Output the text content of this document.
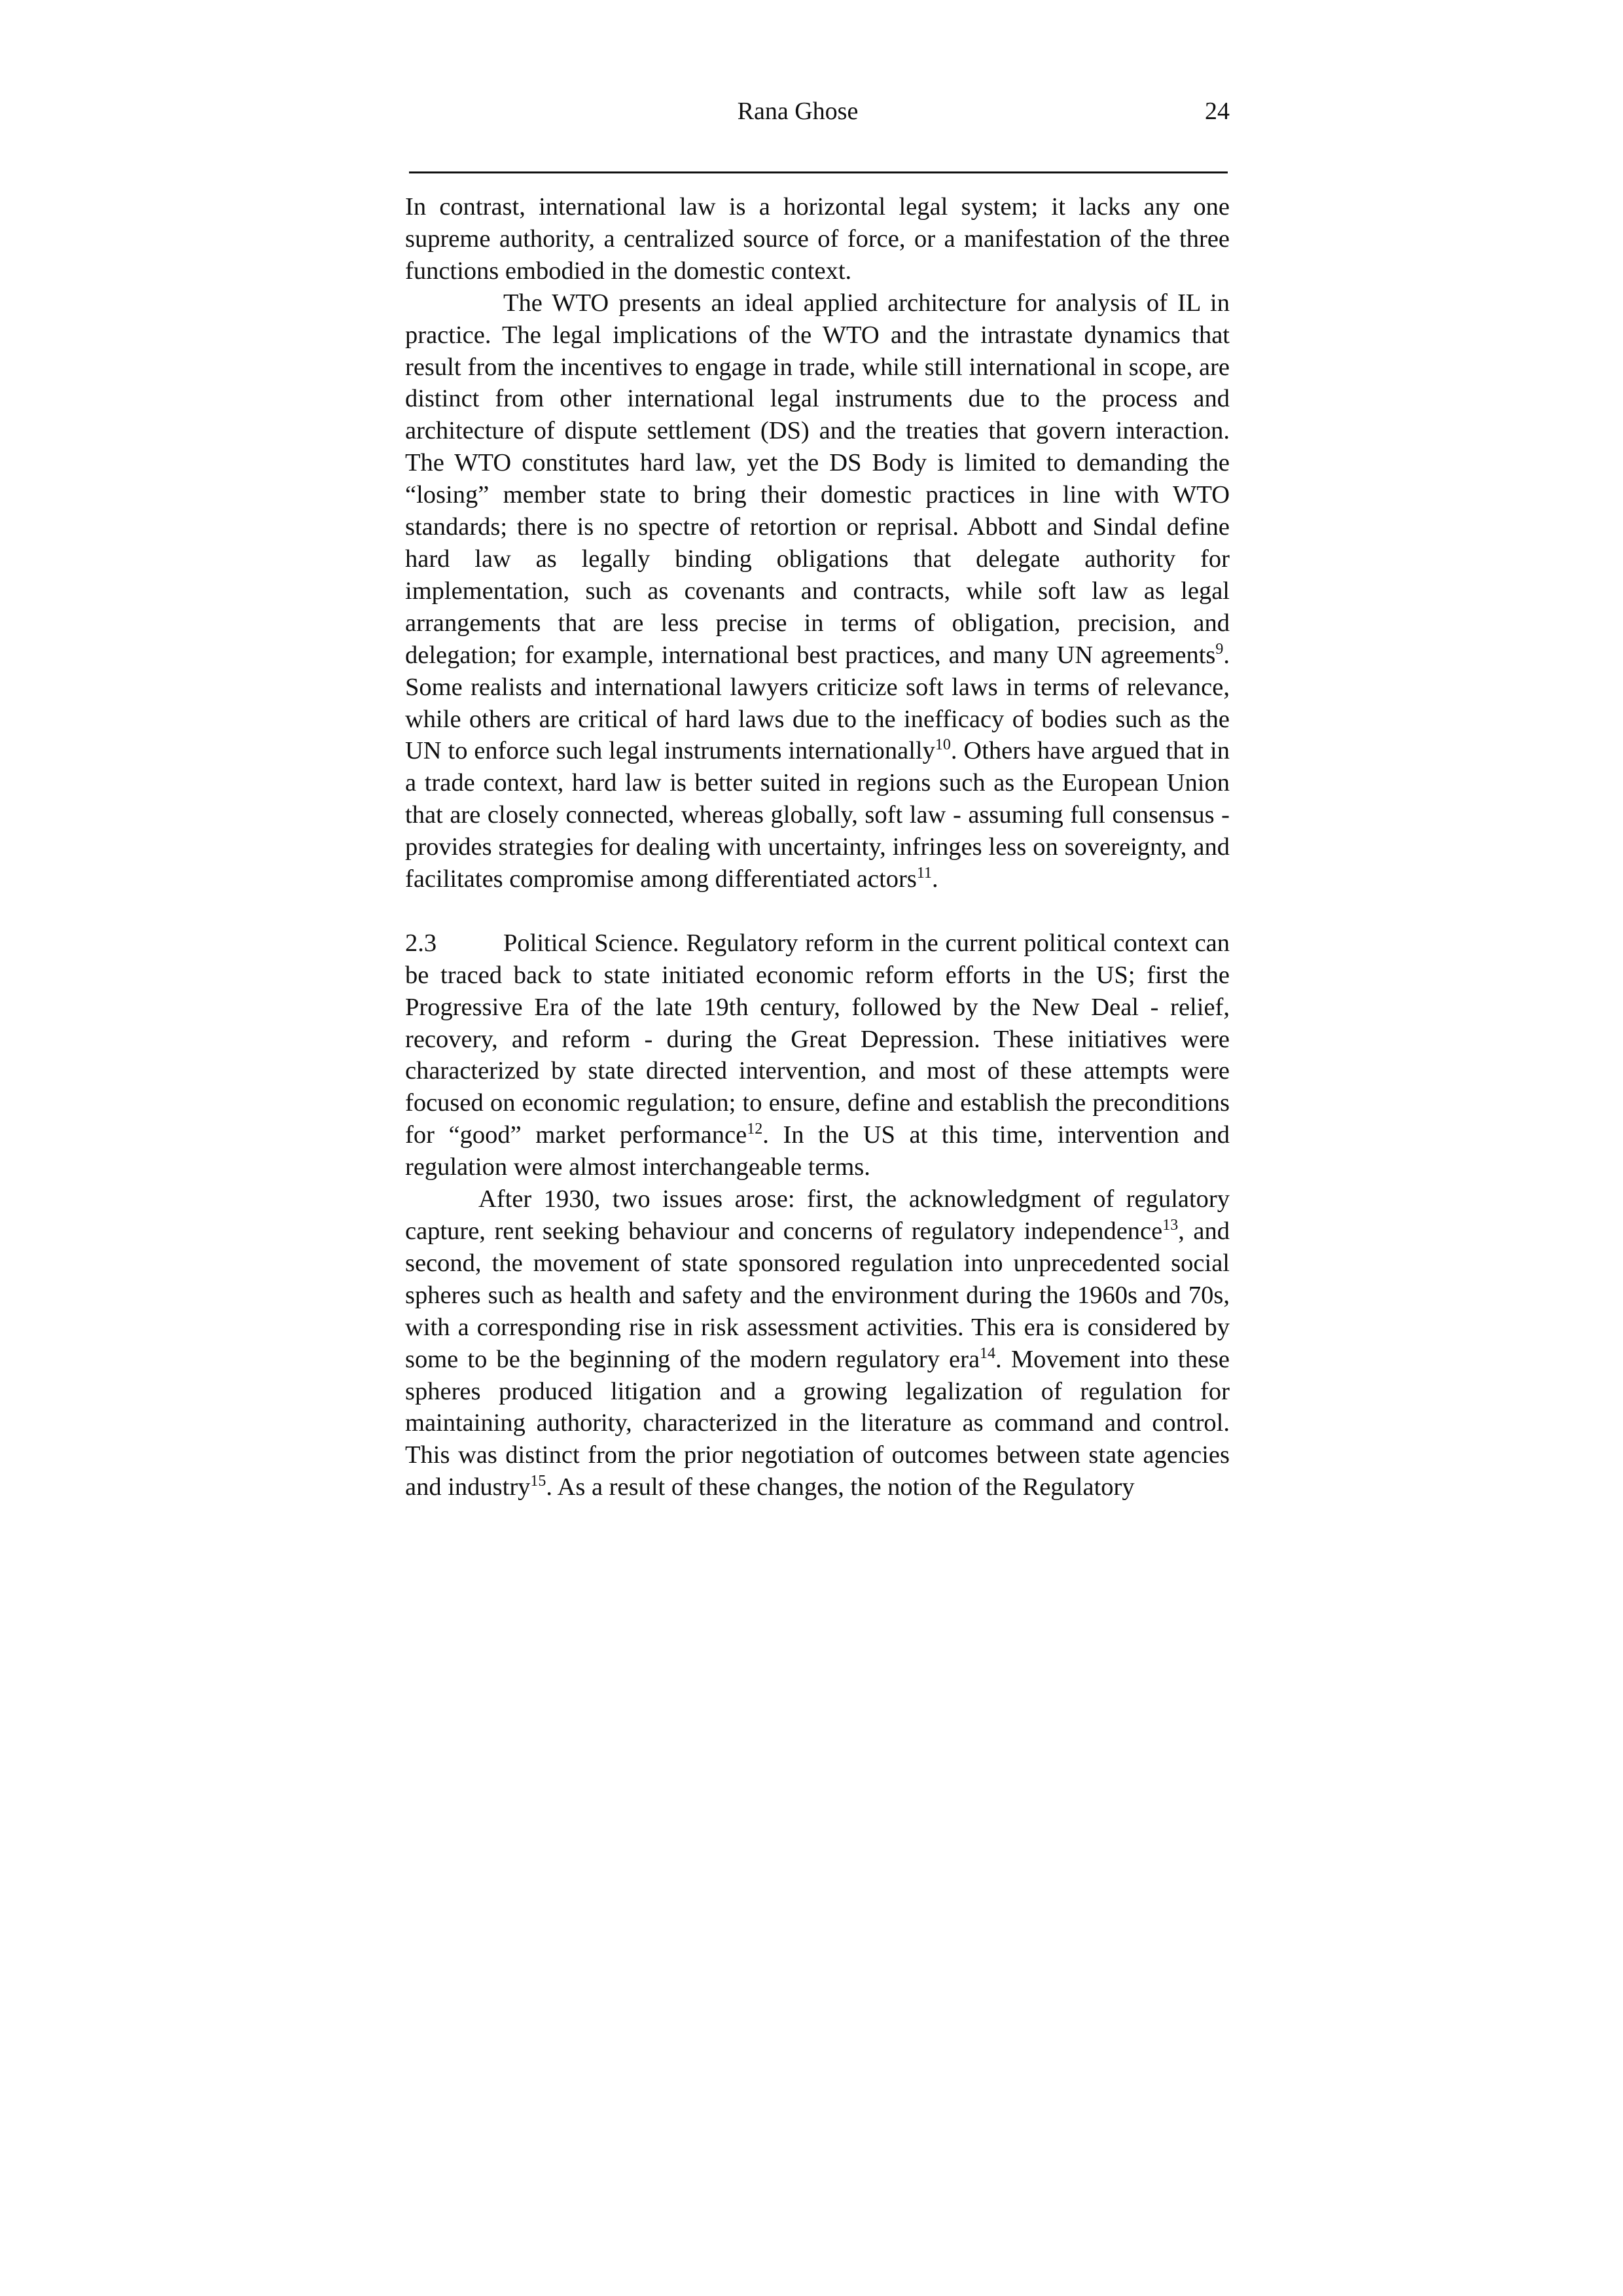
Rana Ghose	24

In contrast, international law is a horizontal legal system; it lacks any one supreme authority, a centralized source of force, or a manifestation of the three functions embodied in the domestic context.

The WTO presents an ideal applied architecture for analysis of IL in practice. The legal implications of the WTO and the intrastate dynamics that result from the incentives to engage in trade, while still international in scope, are distinct from other international legal instruments due to the process and architecture of dispute settlement (DS) and the treaties that govern interaction. The WTO constitutes hard law, yet the DS Body is limited to demanding the “losing” member state to bring their domestic practices in line with WTO standards; there is no spectre of retortion or reprisal. Abbott and Sindal define hard law as legally binding obligations that delegate authority for implementation, such as covenants and contracts, while soft law as legal arrangements that are less precise in terms of obligation, precision, and delegation; for example, international best practices, and many UN agreements$^9$. Some realists and international lawyers criticize soft laws in terms of relevance, while others are critical of hard laws due to the inefficacy of bodies such as the UN to enforce such legal instruments internationally$^{10}$. Others have argued that in a trade context, hard law is better suited in regions such as the European Union that are closely connected, whereas globally, soft law - assuming full consensus - provides strategies for dealing with uncertainty, infringes less on sovereignty, and facilitates compromise among differentiated actors$^{11}$.

2.3	Political Science. Regulatory reform in the current political context can be traced back to state initiated economic reform efforts in the US; first the Progressive Era of the late 19th century, followed by the New Deal - relief, recovery, and reform - during the Great Depression. These initiatives were characterized by state directed intervention, and most of these attempts were focused on economic regulation; to ensure, define and establish the preconditions for “good” market performance$^{12}$. In the US at this time, intervention and regulation were almost interchangeable terms.

After 1930, two issues arose: first, the acknowledgment of regulatory capture, rent seeking behaviour and concerns of regulatory independence$^{13}$, and second, the movement of state sponsored regulation into unprecedented social spheres such as health and safety and the environment during the 1960s and 70s, with a corresponding rise in risk assessment activities. This era is considered by some to be the beginning of the modern regulatory era$^{14}$. Movement into these spheres produced litigation and a growing legalization of regulation for maintaining authority, characterized in the literature as command and control. This was distinct from the prior negotiation of outcomes between state agencies and industry$^{15}$. As a result of these changes, the notion of the Regulatory
